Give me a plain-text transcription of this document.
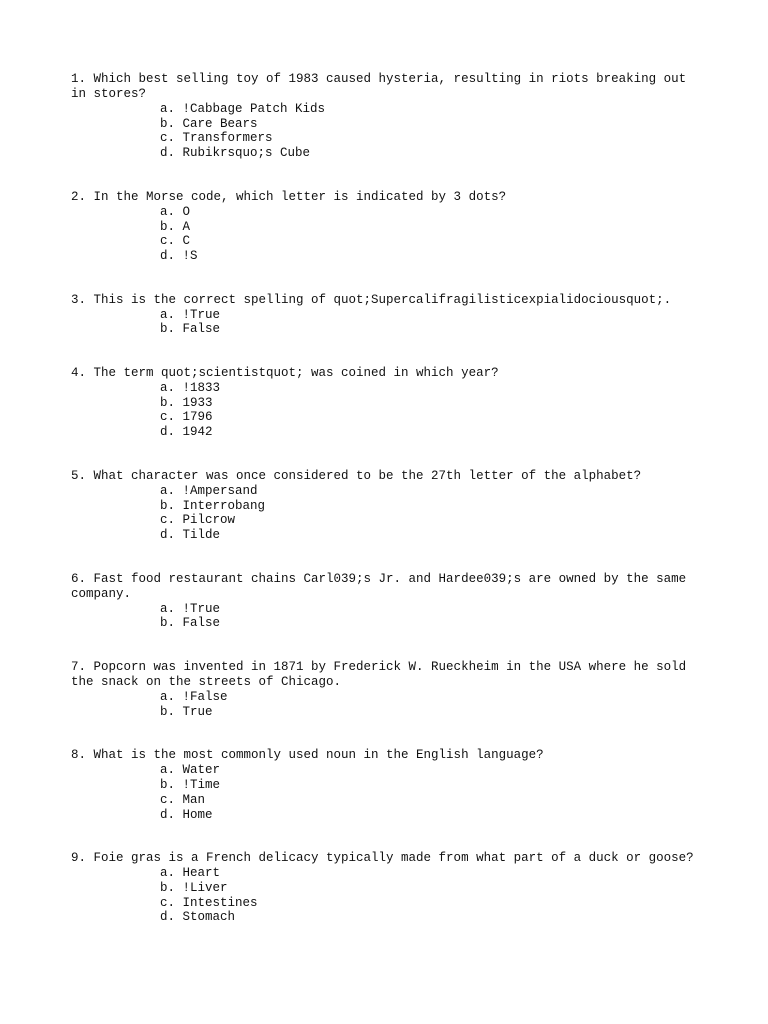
1. Which best selling toy of 1983 caused hysteria, resulting in riots breaking out in stores?
a. !Cabbage Patch Kids
b. Care Bears
c. Transformers
d. Rubikrsquo;s Cube
2. In the Morse code, which letter is indicated by 3 dots?
a. O
b. A
c. C
d. !S
3. This is the correct spelling of quot;Supercalifragilisticexpialidociousquot;.
a. !True
b. False
4. The term quot;scientistquot; was coined in which year?
a. !1833
b. 1933
c. 1796
d. 1942
5. What character was once considered to be the 27th letter of the alphabet?
a. !Ampersand
b. Interrobang
c. Pilcrow
d. Tilde
6. Fast food restaurant chains Carl039;s Jr. and Hardee039;s are owned by the same company.
a. !True
b. False
7. Popcorn was invented in 1871 by Frederick W. Rueckheim in the USA where he sold the snack on the streets of Chicago.
a. !False
b. True
8. What is the most commonly used noun in the English language?
a. Water
b. !Time
c. Man
d. Home
9. Foie gras is a French delicacy typically made from what part of a duck or goose?
a. Heart
b. !Liver
c. Intestines
d. Stomach
